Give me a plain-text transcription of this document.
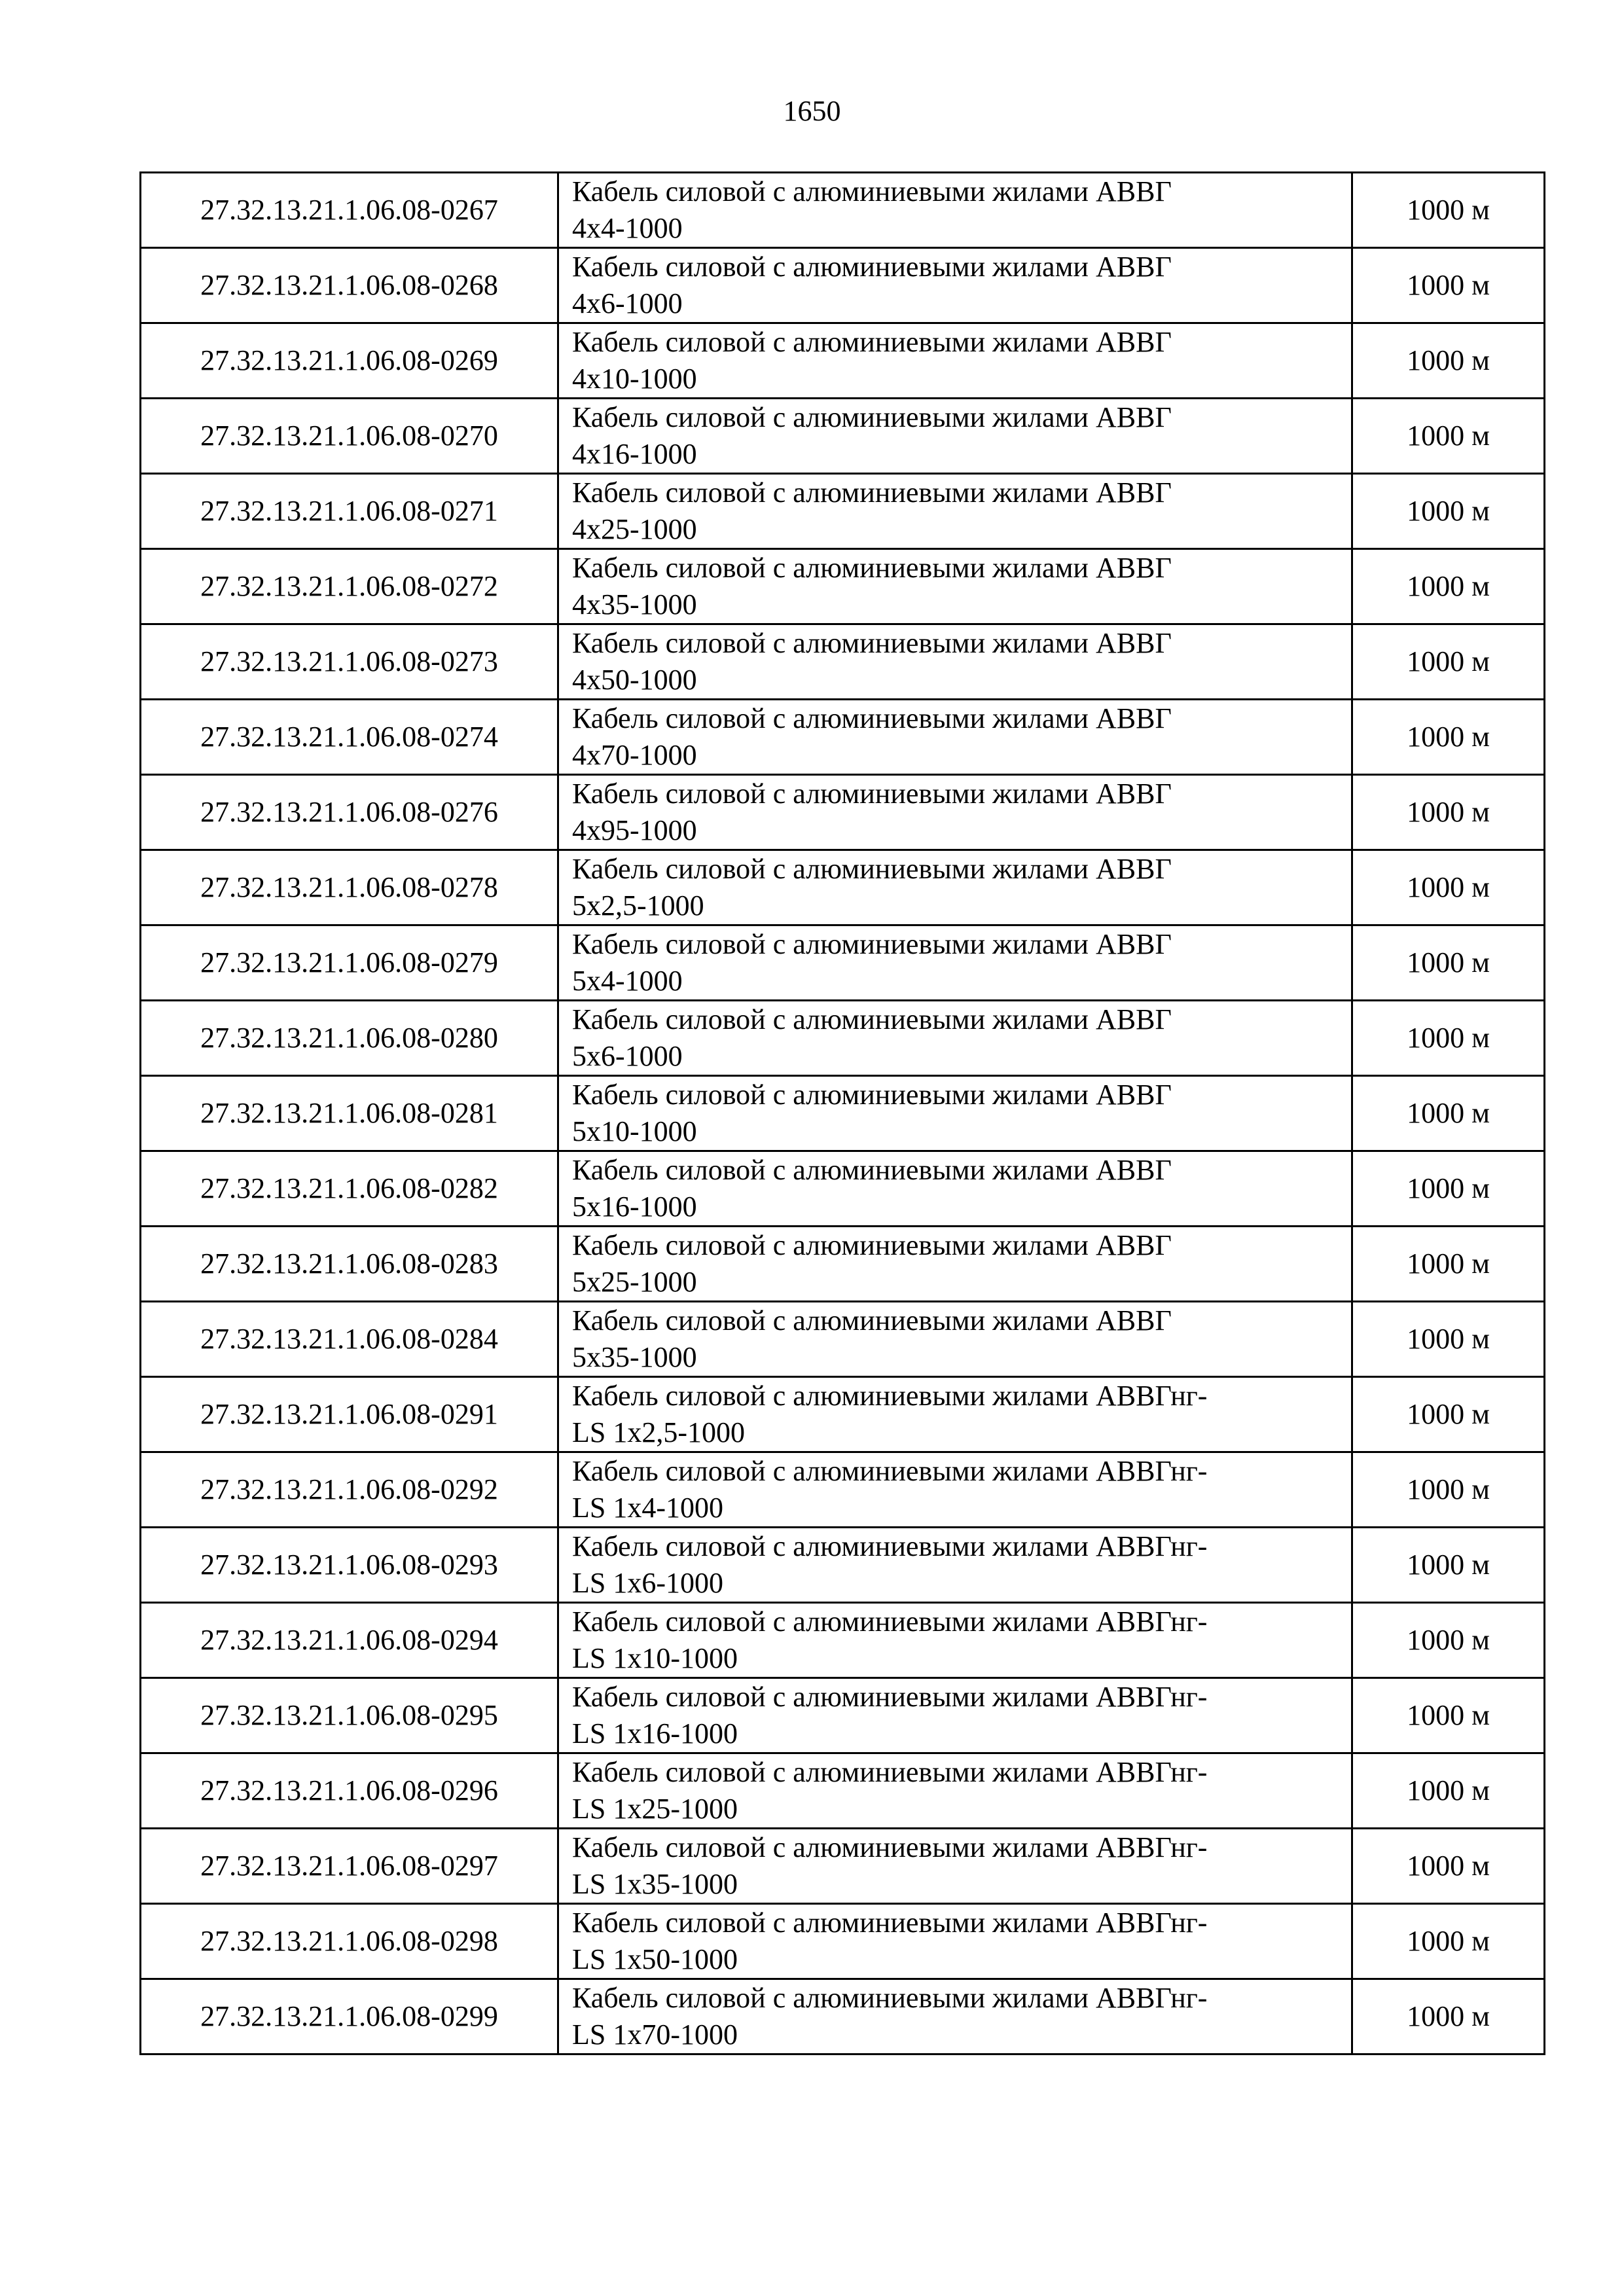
1650
27.32.13.21.1.06.08-0267	Кабель силовой с алюминиевыми жилами АВВГ
4х4-1000	1000 м
27.32.13.21.1.06.08-0268	Кабель силовой с алюминиевыми жилами АВВГ
4х6-1000	1000 м
27.32.13.21.1.06.08-0269	Кабель силовой с алюминиевыми жилами АВВГ
4х10-1000	1000 м
27.32.13.21.1.06.08-0270	Кабель силовой с алюминиевыми жилами АВВГ
4х16-1000	1000 м
27.32.13.21.1.06.08-0271	Кабель силовой с алюминиевыми жилами АВВГ
4х25-1000	1000 м
27.32.13.21.1.06.08-0272	Кабель силовой с алюминиевыми жилами АВВГ
4х35-1000	1000 м
27.32.13.21.1.06.08-0273	Кабель силовой с алюминиевыми жилами АВВГ
4х50-1000	1000 м
27.32.13.21.1.06.08-0274	Кабель силовой с алюминиевыми жилами АВВГ
4х70-1000	1000 м
27.32.13.21.1.06.08-0276	Кабель силовой с алюминиевыми жилами АВВГ
4х95-1000	1000 м
27.32.13.21.1.06.08-0278	Кабель силовой с алюминиевыми жилами АВВГ
5х2,5-1000	1000 м
27.32.13.21.1.06.08-0279	Кабель силовой с алюминиевыми жилами АВВГ
5х4-1000	1000 м
27.32.13.21.1.06.08-0280	Кабель силовой с алюминиевыми жилами АВВГ
5х6-1000	1000 м
27.32.13.21.1.06.08-0281	Кабель силовой с алюминиевыми жилами АВВГ
5х10-1000	1000 м
27.32.13.21.1.06.08-0282	Кабель силовой с алюминиевыми жилами АВВГ
5х16-1000	1000 м
27.32.13.21.1.06.08-0283	Кабель силовой с алюминиевыми жилами АВВГ
5х25-1000	1000 м
27.32.13.21.1.06.08-0284	Кабель силовой с алюминиевыми жилами АВВГ
5х35-1000	1000 м
27.32.13.21.1.06.08-0291	Кабель силовой с алюминиевыми жилами АВВГнг-
LS 1х2,5-1000	1000 м
27.32.13.21.1.06.08-0292	Кабель силовой с алюминиевыми жилами АВВГнг-
LS 1х4-1000	1000 м
27.32.13.21.1.06.08-0293	Кабель силовой с алюминиевыми жилами АВВГнг-
LS 1х6-1000	1000 м
27.32.13.21.1.06.08-0294	Кабель силовой с алюминиевыми жилами АВВГнг-
LS 1х10-1000	1000 м
27.32.13.21.1.06.08-0295	Кабель силовой с алюминиевыми жилами АВВГнг-
LS 1х16-1000	1000 м
27.32.13.21.1.06.08-0296	Кабель силовой с алюминиевыми жилами АВВГнг-
LS 1х25-1000	1000 м
27.32.13.21.1.06.08-0297	Кабель силовой с алюминиевыми жилами АВВГнг-
LS 1х35-1000	1000 м
27.32.13.21.1.06.08-0298	Кабель силовой с алюминиевыми жилами АВВГнг-
LS 1х50-1000	1000 м
27.32.13.21.1.06.08-0299	Кабель силовой с алюминиевыми жилами АВВГнг-
LS 1х70-1000	1000 м
